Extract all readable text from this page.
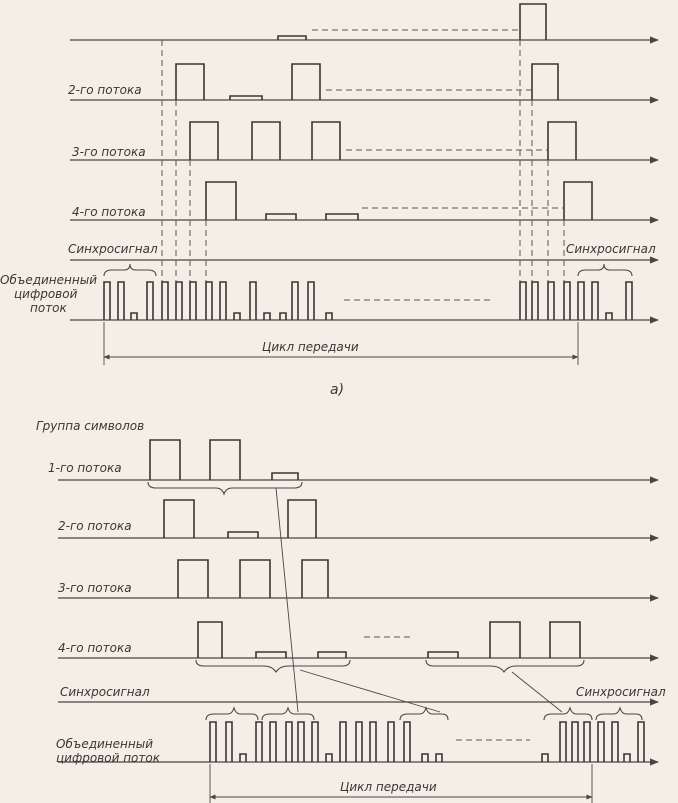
2-го потока
3-го потока
4-го потока
Синхросигнал	Синхросигнал
Объединенный
цифровой
поток
Цикл передачи
а)
Группа символов
1-го потока
2-го потока
3-го потока
4-го потока
Синхросигнал	Синхросигнал
Объединенный
цифровой поток
Цикл передачи
